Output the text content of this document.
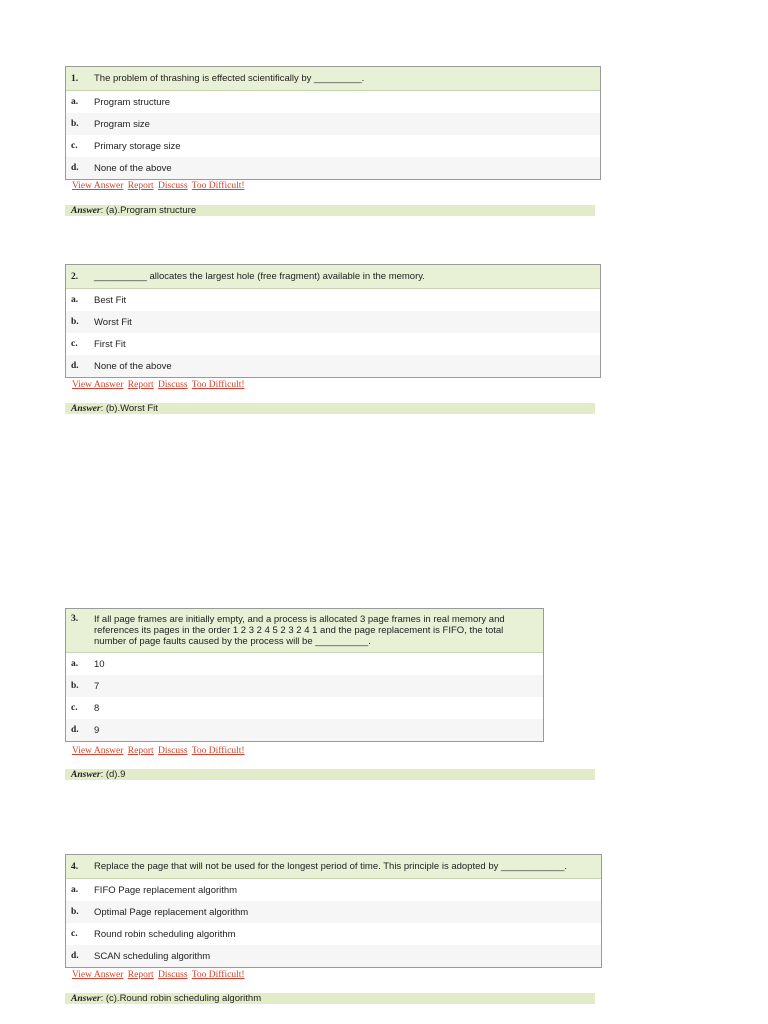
1.	The problem of thrashing is effected scientifically by _________.
a.	Program structure
b.	Program size
c.	Primary storage size
d.	None of the above
View Answer Report Discuss Too Difficult!
Answer: (a).Program structure
2.	__________ allocates the largest hole (free fragment) available in the memory.
a.	Best Fit
b.	Worst Fit
c.	First Fit
d.	None of the above
View Answer Report Discuss Too Difficult!
Answer: (b).Worst Fit
3.	If all page frames are initially empty, and a process is allocated 3 page frames in real memory and references its pages in the order 1 2 3 2 4 5 2 3 2 4 1 and the page replacement is FIFO, the total number of page faults caused by the process will be __________.
a.	10
b.	7
c.	8
d.	9
View Answer Report Discuss Too Difficult!
Answer: (d).9
4.	Replace the page that will not be used for the longest period of time. This principle is adopted by ____________.
a.	FIFO Page replacement algorithm
b.	Optimal Page replacement algorithm
c.	Round robin scheduling algorithm
d.	SCAN scheduling algorithm
View Answer Report Discuss Too Difficult!
Answer: (c).Round robin scheduling algorithm
